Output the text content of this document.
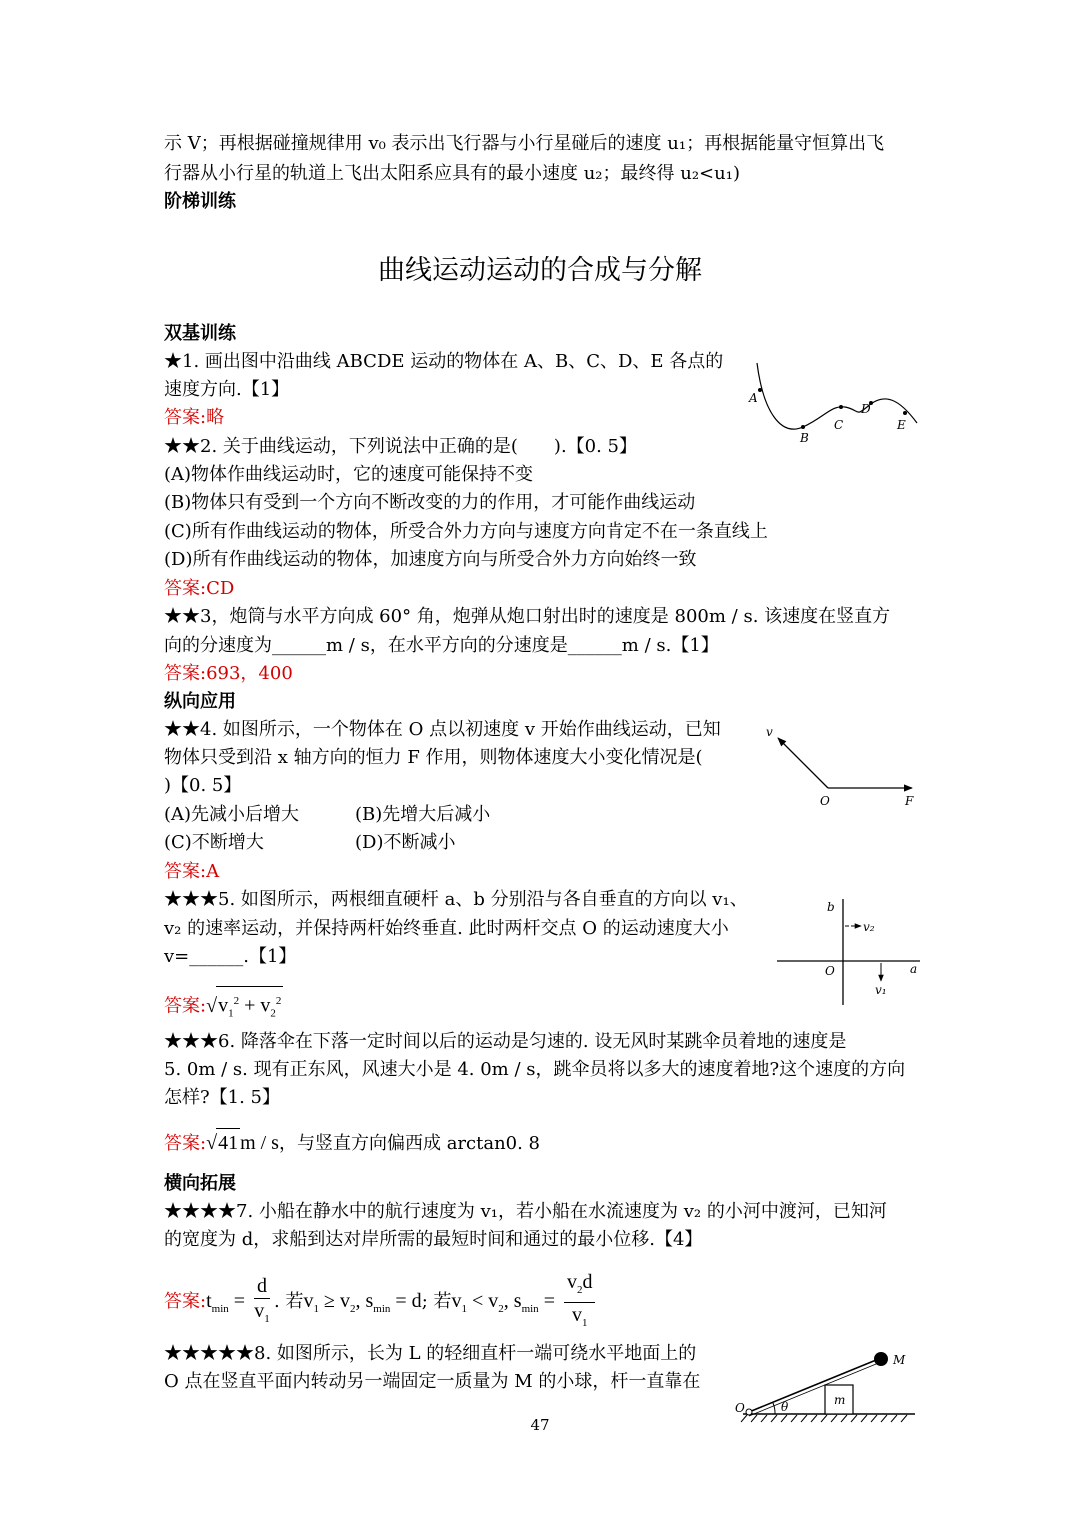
示 V；再根据碰撞规律用 v₀ 表示出飞行器与小行星碰后的速度 u₁；再根据能量守恒算出飞
行器从小行星的轨道上飞出太阳系应具有的最小速度 u₂；最终得 u₂<u₁)
阶梯训练
曲线运动运动的合成与分解
双基训练
★1. 画出图中沿曲线 ABCDE 运动的物体在 A、B、C、D、E 各点的
速度方向.【1】
答案:略
A
B
C
D
E
★★2. 关于曲线运动，下列说法中正确的是(　　).【0. 5】
(A)物体作曲线运动时，它的速度可能保持不变
(B)物体只有受到一个方向不断改变的力的作用，才可能作曲线运动
(C)所有作曲线运动的物体，所受合外力方向与速度方向肯定不在一条直线上
(D)所有作曲线运动的物体，加速度方向与所受合外力方向始终一致
答案:CD
★★3，炮筒与水平方向成 60° 角，炮弹从炮口射出时的速度是 800m / s. 该速度在竖直方
向的分速度为______m / s，在水平方向的分速度是______m / s.【1】
答案:693，400
纵向应用
★★4. 如图所示，一个物体在 O 点以初速度 v 开始作曲线运动，已知
物体只受到沿 x 轴方向的恒力 F 作用，则物体速度大小变化情况是(
)【0. 5】
(A)先减小后增大	(B)先增大后减小
(C)不断增大	(D)不断减小
答案:A
v
O	F
★★★5. 如图所示，两根细直硬杆 a、b 分别沿与各自垂直的方向以 v₁、
v₂ 的速率运动，并保持两杆始终垂直. 此时两杆交点 O 的运动速度大小
v=______.【1】
答案$:√v_1^2 + v_2^2$
b
v₂
O	a
v₁
★★★6. 降落伞在下落一定时间以后的运动是匀速的. 设无风时某跳伞员着地的速度是
5. 0m / s. 现有正东风，风速大小是 4. 0m / s，跳伞员将以多大的速度着地?这个速度的方向
怎样?【1. 5】
答案:√41 m / s，与竖直方向偏西成 arctan0. 8
横向拓展
★★★★7. 小船在静水中的航行速度为 v₁，若小船在水流速度为 v₂ 的小河中渡河，已知河
的宽度为 d，求船到达对岸所需的最短时间和通过的最小位移.【4】
答案$:t_{min} = \frac{d}{v_1}$ . 若$v_1 \ge v_2$, $s_{min} = d$; 若$v_1 < v_2$, $s_{min} = \frac{v_2d}{v_1}$
★★★★★8. 如图所示，长为 L 的轻细直杆一端可绕水平地面上的
O 点在竖直平面内转动另一端固定一质量为 M 的小球，杆一直靠在
M
m
O	θ
47
